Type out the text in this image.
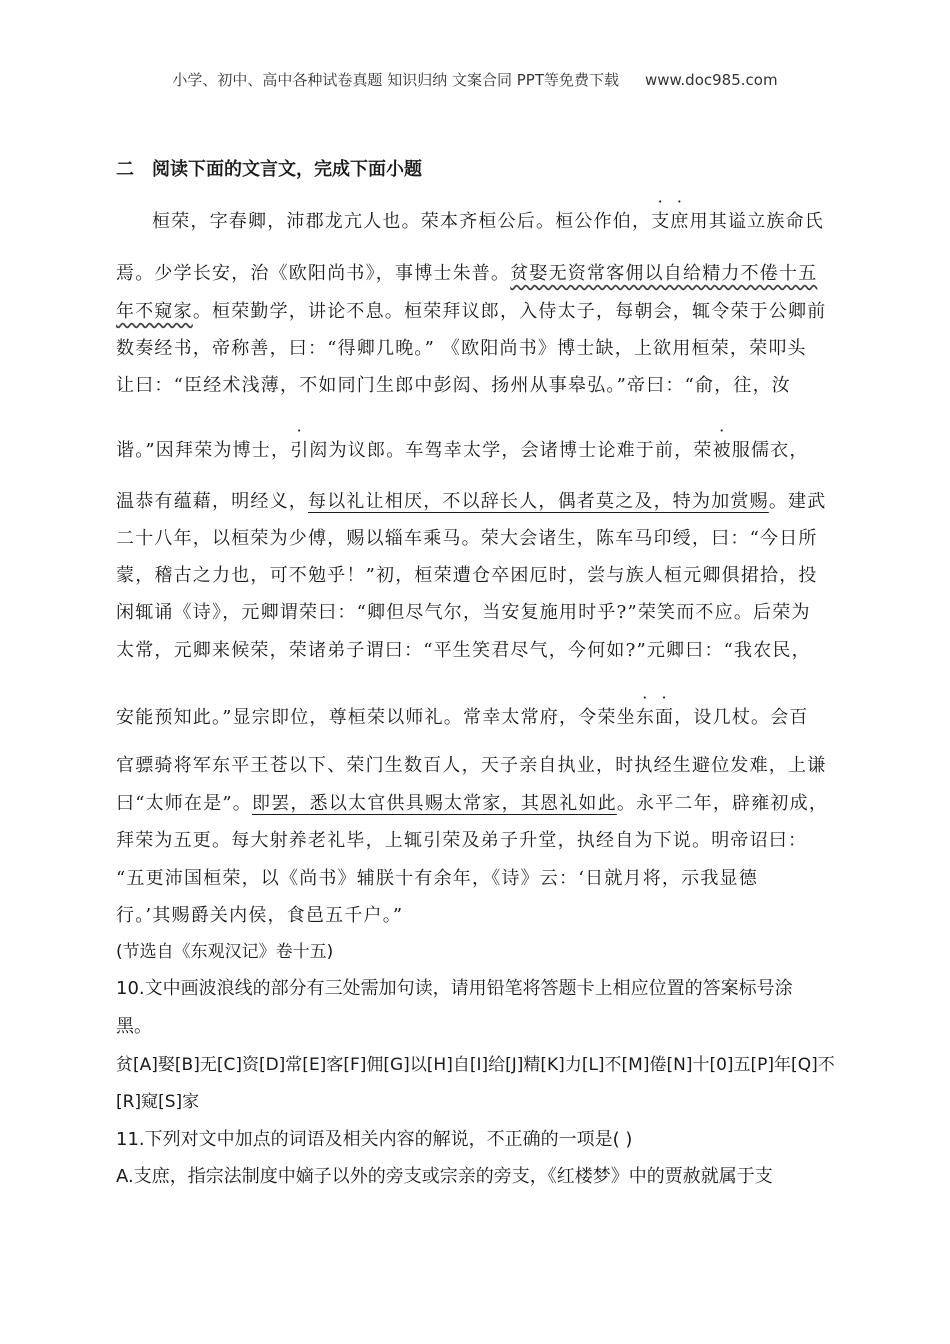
小学、初中、高中各种试卷真题 知识归纳 文案合同 PPT等免费下载 www.doc985.com
二 阅读下面的文言文，完成下面小题
桓荣，字春卿，沛郡龙亢人也。荣本齐桓公后。桓公作伯，支庶用其谥立族命氏
焉。少学长安，治《欧阳尚书》，事博士朱普。贫娶无资常客佣以自给精力不倦十五
年不窥家。桓荣勤学，讲论不息。桓荣拜议郎，入侍太子，每朝会，辄令荣于公卿前
数奏经书，帝称善，曰：“得卿几晚。” 《欧阳尚书》博士缺，上欲用桓荣，荣叩头
让曰：“臣经术浅薄，不如同门生郎中彭闳、扬州从事皋弘。”帝曰：“俞，往，汝
谐。”因拜荣为博士，引闳为议郎。车驾幸太学，会诸博士论难于前，荣被服儒衣，
温恭有蕴藉，明经义，每以礼让相厌，不以辞长人，偶者莫之及，特为加赏赐。建武
二十八年，以桓荣为少傅，赐以辎车乘马。荣大会诸生，陈车马印绶，曰：“今日所
蒙，稽古之力也，可不勉乎！”初，桓荣遭仓卒困厄时，尝与族人桓元卿俱捃拾，投
闲辄诵《诗》，元卿谓荣曰：“卿但尽气尔，当安复施用时乎?”荣笑而不应。后荣为
太常，元卿来候荣，荣诸弟子谓曰：“平生笑君尽气，今何如?”元卿曰：“我农民，
安能预知此。”显宗即位，尊桓荣以师礼。常幸太常府，令荣坐东面，设几杖。会百
官骠骑将军东平王苍以下、荣门生数百人，天子亲自执业，时执经生避位发难，上谦
曰“太师在是”。即罢，悉以太官供具赐太常家，其恩礼如此。永平二年，辟雍初成，
拜荣为五更。每大射养老礼毕，上辄引荣及弟子升堂，执经自为下说。明帝诏曰：
“五更沛国桓荣，以《尚书》辅朕十有余年，《诗》云：‘日就月将，示我显德
行。’其赐爵关内侯，食邑五千户。”
(节选自《东观汉记》卷十五)
10.文中画波浪线的部分有三处需加句读，请用铅笔将答题卡上相应位置的答案标号涂
黑。
贫[A]娶[B]无[C]资[D]常[E]客[F]佣[G]以[H]自[I]给[J]精[K]力[L]不[M]倦[N]十[0]五[P]年[Q]不
[R]窥[S]家
11.下列对文中加点的词语及相关内容的解说，不正确的一项是( )
A.支庶，指宗法制度中嫡子以外的旁支或宗亲的旁支，《红楼梦》中的贾赦就属于支
